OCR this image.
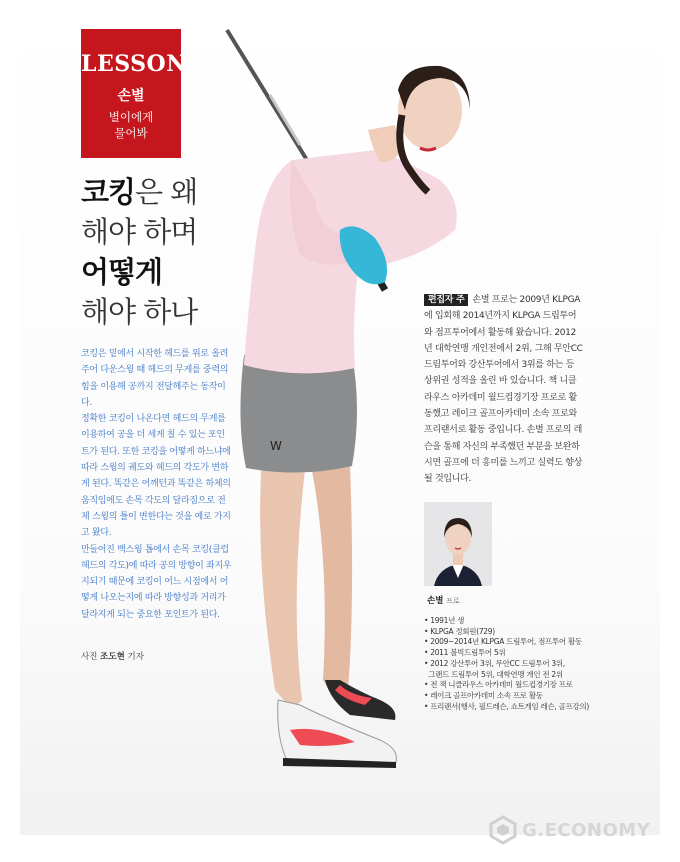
W
LESSON
손별
별이에게
물어봐
코킹은 왜
해야 하며
어떻게
해야 하나

코킹은 밑에서 시작한 헤드를 위로 올려주어 다운스윙 때 헤드의 무게를 중력의 힘을 이용해 공까지 전달해주는 동작이다.

정확한 코킹이 나온다면 헤드의 무게를 이용하여 공을 더 세게 칠 수 있는 포인트가 된다. 또한 코킹을 어떻게 하느냐에 따라 스윙의 궤도와 헤드의 각도가 변하게 된다. 똑같은 어깨턴과 똑같은 하체의 움직임에도 손목 각도의 달라짐으로 전체 스윙의 틀이 변한다는 것을 예로 가지고 왔다.

만들어진 백스윙 톱에서 손목 코킹(클럽헤드의 각도)에 따라 공의 방향이 좌지우지되기 때문에 코킹이 어느 시점에서 어떻게 나오는지에 따라 방향성과 거리가 달라지게 되는 중요한 포인트가 된다.

사진 조도현 기자
편집자 주 손별 프로는 2009년 KLPGA에 입회해 2014년까지 KLPGA 드림투어와 점프투어에서 활동해 왔습니다. 2012년 대학연맹 개인전에서 2위, 그해 무안CC 드림투어와 강산투어에서 3위를 하는 등 상위권 성적을 올린 바 있습니다. 책 니클라우스 아카데미 월드컵경기장 프로로 활동했고 레이크 골프아카데미 소속 프로와 프리랜서로 활동 중입니다. 손별 프로의 레슨을 통해 자신의 부족했던 부분을 보완하시면 골프에 더 흥미를 느끼고 실력도 향상될 것입니다.
손별 프로
• 1991년 생
• KLPGA 정회원(729)
• 2009~2014년 KLPGA 드림투어, 점프투어 활동
• 2011 볼빅드림투어 5위
• 2012 강산투어 3위, 무안CC 드림투어 3위,
그랜드 드림투어 5위, 대학연맹 개인 전 2위
• 전 잭 니클라우스 아카데미 월드컵경기장 프로
• 레이크 골프아카데미 소속 프로 활동
• 프리랜서(행사, 필드레슨, 쇼트게임 레슨, 골프강의)
G.ECONOMY
